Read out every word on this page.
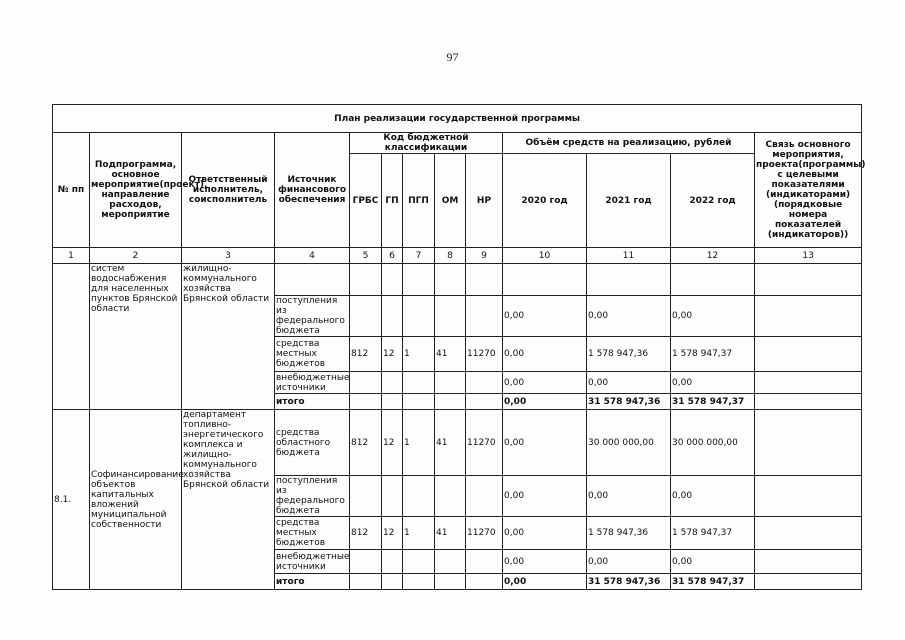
97
План реализации государственной программы												
№ пп	Подпрограмма, основное мероприятие(проект), направление расходов, мероприятие	Ответственный исполнитель, соисполнитель	Источник финансового обеспечения	Код бюджетной классификации					Объём средств на реализацию, рублей			Связь основного мероприятия, проекта(программы) с целевыми показателями (индикаторами) (порядковые номера показателей (индикаторов))
				ГРБС	ГП	ПГП	ОМ	НР	2020 год	2021 год	2022 год	
1	2	3	4	5	6	7	8	9	10	11	12	13
	систем водоснабжения для населенных пунктов Брянской области	жилищно-коммунального хозяйства Брянской области										
			поступления из федерального бюджета						0,00	0,00	0,00	
			средства местных бюджетов	812	12	1	41	11270	0,00	1 578 947,36	1 578 947,37	
			внебюджетные источники						0,00	0,00	0,00	
			итого						0,00	31 578 947,36	31 578 947,37	
8.1.	Софинансирование объектов капитальных вложений муниципальной собственности	департамент топливно-энергетического комплекса и жилищно-коммунального хозяйства Брянской области	средства областного бюджета	812	12	1	41	11270	0,00	30 000 000,00	30 000 000,00	
			поступления из федерального бюджета						0,00	0,00	0,00	
			средства местных бюджетов	812	12	1	41	11270	0,00	1 578 947,36	1 578 947,37	
			внебюджетные источники						0,00	0,00	0,00	
			итого						0,00	31 578 947,36	31 578 947,37	
